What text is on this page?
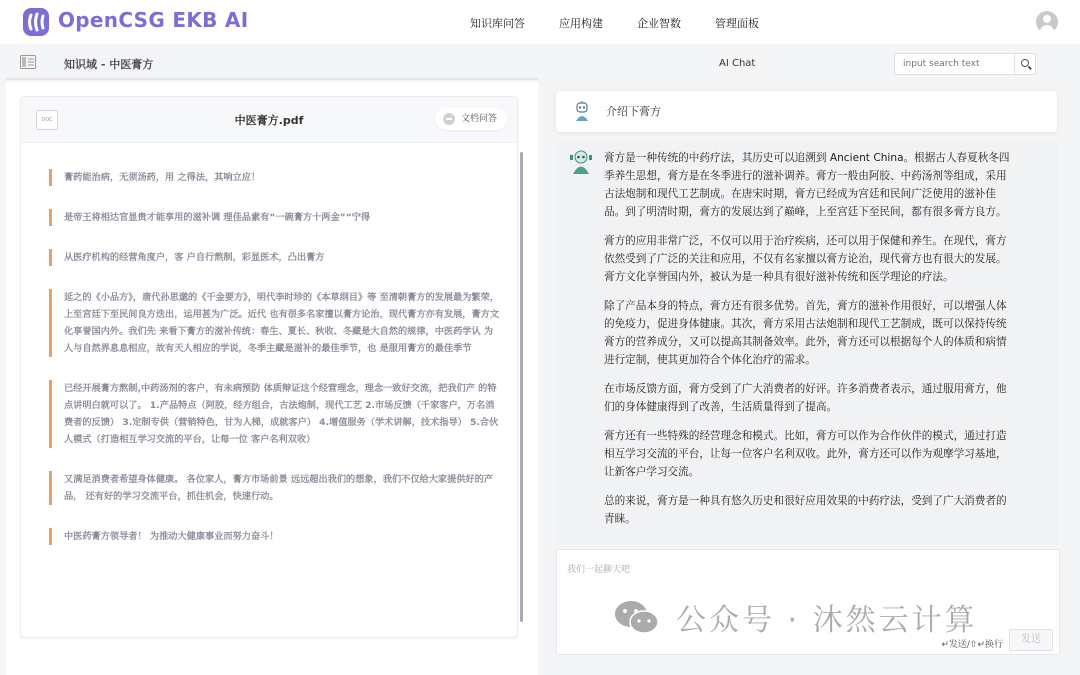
OpenCSG EKB AI	知识库问答	应用构建	企业智数	管理面板
知识域 - 中医膏方
DOC	中医膏方.pdf	文档问答
膏药能治病，无须汤药，用 之得法，其响立应！
是帝王将相达官显贵才能享用的滋补调 理佳品素有“一碗膏方十两金”“宁得
从医疗机构的经营角度户，客 户自行熬制，彩显医术，凸出膏方
延之的《小品方》，唐代孙思邈的《千金要方》，明代李时珍的《本草纲目》等 至清朝膏方的发展最为繁荣，上至宫廷下至民间良方迭出，运用甚为广泛。近代 也有很多名家擅以膏方论治，现代膏方亦有发展，膏方文化享誉国内外。我们先 来看下膏方的滋补传统：春生、夏长、秋收、冬藏是大自然的规律，中医药学认 为人与自然界息息相应，故有天人相应的学说，冬季主藏是滋补的最佳季节，也 是服用膏方的最佳季节
已经开展膏方熬制,中药汤剂的客户，有未病预防 体质辩证这个经营理念，理念一致好交流，把我们产 的特点讲明白就可以了。 1.产品特点（阿胶，经方组合，古法炮制，现代工艺 2.市场反馈（千家客户，万名消费者的反馈） 3.定制专供（营销特色，甘为人梯，成就客户） 4.增值服务（学术讲解，技术指导） 5.合伙人模式（打造相互学习交流的平台，让每一位 客户名利双收）
又满足消费者希望身体健康。 各位家人，膏方市场前景 远远超出我们的想象，我们不仅给大家提供好的产品， 还有好的学习交流平台，抓住机会，快速行动。
中医药膏方领导者！ 为推动大健康事业而努力奋斗！
AI Chat
input search text
介绍下膏方

膏方是一种传统的中药疗法，其历史可以追溯到 Ancient China。根据古人春夏秋冬四季养生思想，膏方是在冬季进行的滋补调养。膏方一般由阿胶、中药汤剂等组成，采用古法炮制和现代工艺制成。在唐宋时期，膏方已经成为宫廷和民间广泛使用的滋补佳品。到了明清时期，膏方的发展达到了巅峰，上至宫廷下至民间，都有很多膏方良方。

膏方的应用非常广泛，不仅可以用于治疗疾病，还可以用于保健和养生。在现代，膏方依然受到了广泛的关注和应用，不仅有名家擅以膏方论治，现代膏方也有很大的发展。膏方文化享誉国内外，被认为是一种具有很好滋补传统和医学理论的疗法。

除了产品本身的特点，膏方还有很多优势。首先，膏方的滋补作用很好，可以增强人体的免疫力，促进身体健康。其次，膏方采用古法炮制和现代工艺制成，既可以保持传统膏方的营养成分，又可以提高其制备效率。此外，膏方还可以根据每个人的体质和病情进行定制，使其更加符合个体化治疗的需求。

在市场反馈方面，膏方受到了广大消费者的好评。许多消费者表示，通过服用膏方，他们的身体健康得到了改善，生活质量得到了提高。

膏方还有一些特殊的经营理念和模式。比如，膏方可以作为合作伙伴的模式，通过打造相互学习交流的平台，让每一位客户名利双收。此外，膏方还可以作为观摩学习基地，让新客户学习交流。

总的来说，膏方是一种具有悠久历史和很好应用效果的中药疗法，受到了广大消费者的青睐。

我们一起聊天吧
↵发送/⇧↵换行	发送
公众号 · 沐然云计算
